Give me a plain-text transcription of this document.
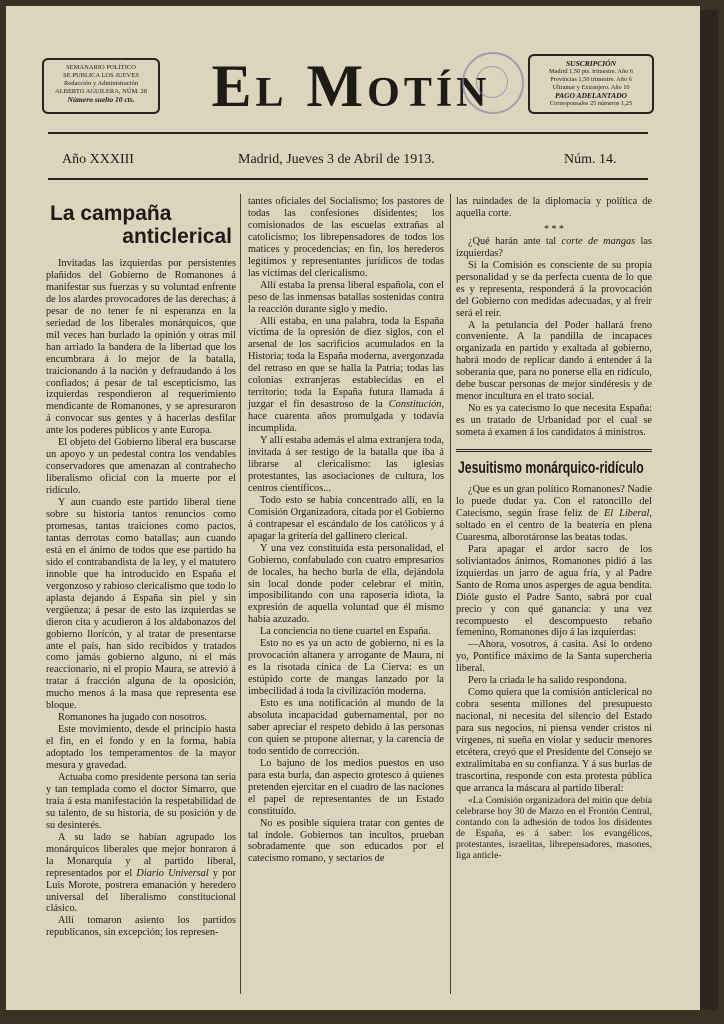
SEMANARIO POLÍTICO
SE PUBLICA LOS JUEVES
Redacción y Administración
ALBERTO AGUILERA, NÚM. 28
Número suelto 10 cts.	El Motín	SUSCRIPCIÓN
Madrid 1,50 pts. trimestre. Año 6
Provincias 1,50 trimestre. Año 6
Ultramar y Extranjero. Año 10
PAGO ADELANTADO
Corresponsales 25 números 1,25
Año XXXIII	Madrid, Jueves 3 de Abril de 1913.	Núm. 14.
La campaña
anticlerical

Invitadas las izquierdas por persistentes plañidos del Gobierno de Romanones á manifestar sus fuerzas y su voluntad enfrente de los alardes provocadores de las derechas; á pesar de no tener fe ni esperanza en la seriedad de los liberales monárquicos, que mil veces han burlado la opinión y otras mil han arriado la bandera de la libertad que los encumbrara á lo mejor de la batalla, traicionando á la nación y defraudando á los confiados; á pesar de tal escepticismo, las izquierdas respondieron al requerimiento mendicante de Romanones, y se apresuraron á convocar sus gentes y á hacerlas desfilar ante los poderes públicos y ante Europa.

El objeto del Gobierno liberal era buscarse un apoyo y un pedestal contra los vendables conservadores que amenazan al contrahecho liberalismo oficial con la muerte por el ridículo.

Y aun cuando este partido liberal tiene sobre su historia tantos renuncios como promesas, tantas traiciones como pactos, tantas derrotas como batallas; aun cuando está en el ánimo de todos que ese partido ha sido el contrabandista de la ley, y el matutero innoble que ha introducido en España el vergonzoso y rabioso clericalismo que todo lo aplasta dejando á España sin piel y sin vergüenza; á pesar de esto las izquierdas se dieron cita y acudieron á los aldabonazos del gobierno llorícón, y al tratar de presentarse ante el país, han sido recibidos y tratados como jamás gobierno alguno, ni el más reaccionario, ni el propio Maura, se atrevió á tratar á fracción alguna de la oposición, mucho menos á la masa que representa ese bloque.

Romanones ha jugado con nosotros.

Este movimiento, desde el principio hasta el fin, en el fondo y en la forma, había adoptado los temperamentos de la mayor mesura y gravedad.

Actuaba como presidente persona tan seria y tan templada como el doctor Simarro, que traía á esta manifestación la respetabilidad de su talento, de su historia, de su posición y de su desinterés.

A su lado se habían agrupado los monárquicos liberales que mejor honraron á la Monarquía y al partido liberal, representados por el Diario Universal y por Luis Morote, postrera emanación y heredero universal del liberalismo constitucional clásico.

Allí tomaron asiento los partidos republicanos, sin excepción; los represen-

tantes oficiales del Socialismo; los pastores de todas las confesiones disidentes; los comisionados de las escuelas extrañas al catolicismo; los librepensadores de todos los matices y procedencias; en fin, los herederos legítimos y representantes jurídicos de todas las víctimas del clericalismo.

Allí estaba la prensa liberal española, con el peso de las inmensas batallas sostenidas contra la reacción durante siglo y medio.

Allí estaba, en una palabra, toda la España víctima de la opresión de diez siglos, con el arsenal de los sacrificios acumulados en la Historia; toda la España moderna, avergonzada del retraso en que se halla la Patria; todas las colonias extranjeras establecidas en el territorio; toda la España futura llamada á juzgar el fin desastroso de la Constitución, hace cuarenta años promulgada y todavía incumplida.

Y allí estaba además el alma extranjera toda, invitada á ser testigo de la batalla que iba á librarse al clericalismo: las iglesias protestantes, las asociaciones de cultura, los centros científicos...

Todo esto se había concentrado allí, en la Comisión Organizadora, citada por el Gobierno á contrapesar el escándalo de los católicos y á apagar la gritería del gallinero clerical.

Y una vez constituída esta personalidad, el Gobierno, confabulado con cuatro empresarios de locales, ha hecho burla de ella, dejándola sin local donde poder celebrar el mitin, imposibilitando con una raposería idiota, la expresión de aquella voluntad que él mismo había azuzado.

La conciencia no tiene cuartel en España.

Esto no es ya un acto de gobierno, ni es la provocación altanera y arrogante de Maura, ni es la risotada cínica de La Cierva: es un estúpido corte de mangas lanzado por la imbecilidad á toda la civilización moderna.

Esto es una notificación al mundo de la absoluta incapacidad gubernamental, por no saber apreciar el respeto debido á las personas con quien se propone alternar, y la carencia de todo sentido de corrección.

Lo bajuno de los medios puestos en uso para esta burla, dan aspecto grotesco á quienes pretenden ejercitar en el cuadro de las naciones el papel de representantes de un Estado constituído.

No es posible siquiera tratar con gentes de tal índole. Gobiernos tan incultos, prueban sobradamente que son educados por el catecismo romano, y sectarios de

las ruindades de la diplomacia y política de aquella corte.

* * *

¿Qué harán ante tal corte de mangas las izquierdas?

Si la Comisión es consciente de su propia personalidad y se da perfecta cuenta de lo que es y representa, responderá á la provocación del Gobierno con medidas adecuadas, y al freir será el reir.

A la petulancia del Poder hallará freno conveniente. A la pandilla de incapaces organizada en partido y exaltada al gobierno, habrá modo de replicar dando á entender á la soberanía que, para no ponerse ella en ridículo, debe buscar personas de mejor sindéresis y de menor incultura en el trato social.

No es ya catecismo lo que necesita España: es un tratado de Urbanidad por el cual se someta á examen á los candidatos á ministros.

Jesuitismo monárquico-ridículo

¿Que es un gran político Romanones? Nadie lo puede dudar ya. Con el ratoncillo del Catecismo, según frase feliz de El Liberal, soltado en el centro de la beatería en plena Cuaresma, alborotáronse las beatas todas.

Para apagar el ardor sacro de los soliviantados ánimos, Romanones pidió á las izquierdas un jarro de agua fría, y al Padre Santo de Roma unos asperges de agua bendita. Dióle gusto el Padre Santo, sabrá por cual precio y con qué ganancia: y una vez recompuesto el descompuesto rebaño femenino, Romanones dijo á las izquierdas:

—Ahora, vosotros, á casita. Así lo ordeno yo, Pontífice máximo de la Santa supercheria liberal.

Pero la criada le ha salido respondona.

Como quiera que la comisión anticlerical no cobra sesenta millones del presupuesto nacional, ni necesita del silencio del Estado para sus negocios, ni piensa vender cristos ni vírgenes, ni sueña en violar y seducir menores etcétera, creyó que el Presidente del Consejo se extralimitaba en su confianza. Y á sus burlas de trascortina, responde con esta protesta pública que arranca la máscara al partido liberal:

«La Comisión organizadora del mitin que debía celebrarse hoy 30 de Marzo en el Frontón Central, contando con la adhesión de todos los disidentes de España, es á saber: los evangélicos, protestantes, israelitas, librepensadores, masones, liga anticle-
